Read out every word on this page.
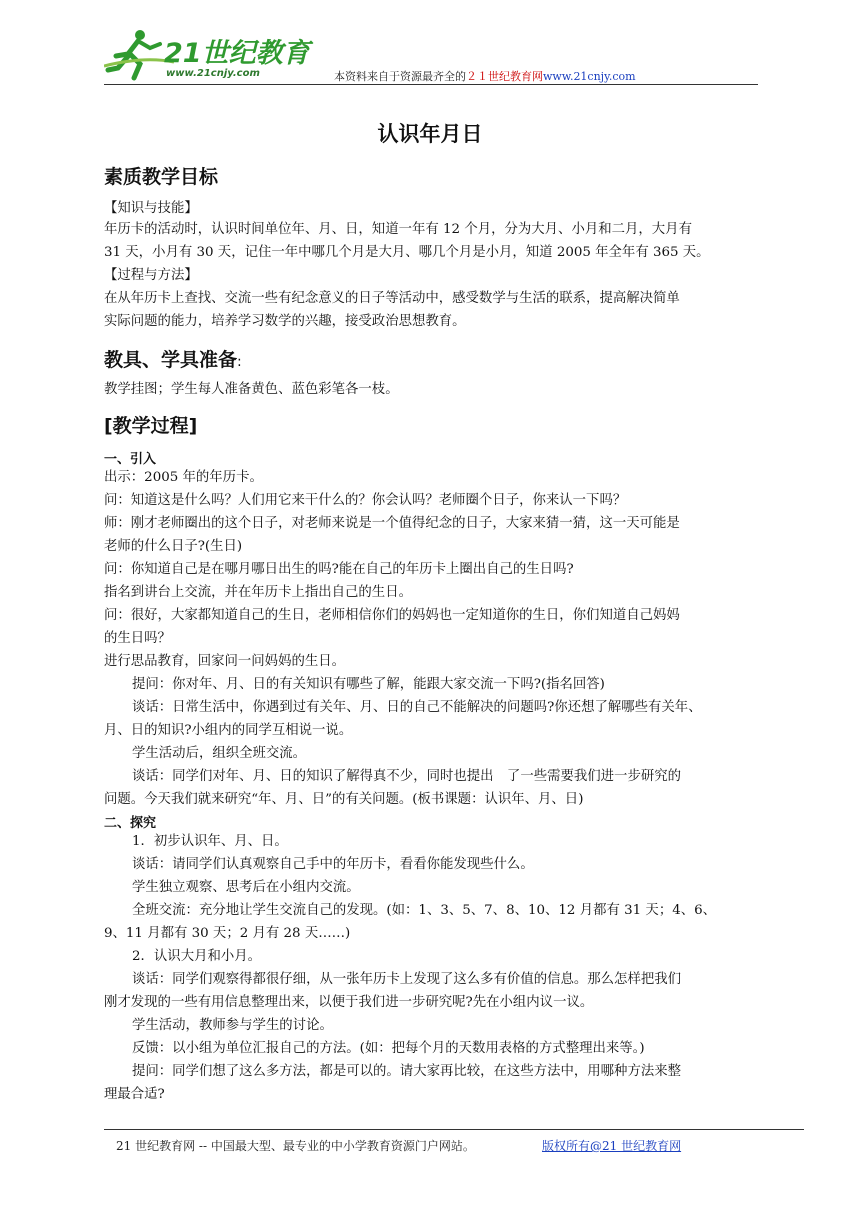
21世纪教育
www.21cnjy.com	本资料来自于资源最齐全的２１世纪教育网www.21cnjy.com
认识年月日
素质教学目标
【知识与技能】
年历卡的活动时，认识时间单位年、月、日，知道一年有 12 个月，分为大月、小月和二月，大月有
31 天，小月有 30 天，记住一年中哪几个月是大月、哪几个月是小月，知道 2005 年全年有 365 天。
【过程与方法】
在从年历卡上查找、交流一些有纪念意义的日子等活动中，感受数学与生活的联系，提高解决简单
实际问题的能力，培养学习数学的兴趣，接受政治思想教育。
教具、学具准备:
教学挂图；学生每人准备黄色、蓝色彩笔各一枝。
[教学过程]
一、引入
出示：2005 年的年历卡。
问：知道这是什么吗？人们用它来干什么的？你会认吗？老师圈个日子，你来认一下吗？
师：刚才老师圈出的这个日子，对老师来说是一个值得纪念的日子，大家来猜一猜，这一天可能是
老师的什么日子?(生日)
问：你知道自己是在哪月哪日出生的吗?能在自己的年历卡上圈出自己的生日吗?
指名到讲台上交流，并在年历卡上指出自己的生日。
问：很好，大家都知道自己的生日，老师相信你们的妈妈也一定知道你的生日，你们知道自己妈妈
的生日吗？
进行思品教育，回家问一问妈妈的生日。
提问：你对年、月、日的有关知识有哪些了解，能跟大家交流一下吗?(指名回答)
谈话：日常生活中，你遇到过有关年、月、日的自己不能解决的问题吗?你还想了解哪些有关年、
月、日的知识?小组内的同学互相说一说。
学生活动后，组织全班交流。
谈话：同学们对年、月、日的知识了解得真不少，同时也提出　了一些需要我们进一步研究的
问题。今天我们就来研究“年、月、日”的有关问题。(板书课题：认识年、月、日)
二、探究
1．初步认识年、月、日。
谈话：请同学们认真观察自己手中的年历卡，看看你能发现些什么。
学生独立观察、思考后在小组内交流。
全班交流：充分地让学生交流自己的发现。(如：1、3、5、7、8、10、12 月都有 31 天；4、6、
9、11 月都有 30 天；2 月有 28 天……)
2．认识大月和小月。
谈话：同学们观察得都很仔细，从一张年历卡上发现了这么多有价值的信息。那么怎样把我们
刚才发现的一些有用信息整理出来，以便于我们进一步研究呢?先在小组内议一议。
学生活动，教师参与学生的讨论。
反馈：以小组为单位汇报自己的方法。(如：把每个月的天数用表格的方式整理出来等。)
提问：同学们想了这么多方法，都是可以的。请大家再比较，在这些方法中，用哪种方法来整
理最合适?
21 世纪教育网 -- 中国最大型、最专业的中小学教育资源门户网站。	版权所有@21 世纪教育网
